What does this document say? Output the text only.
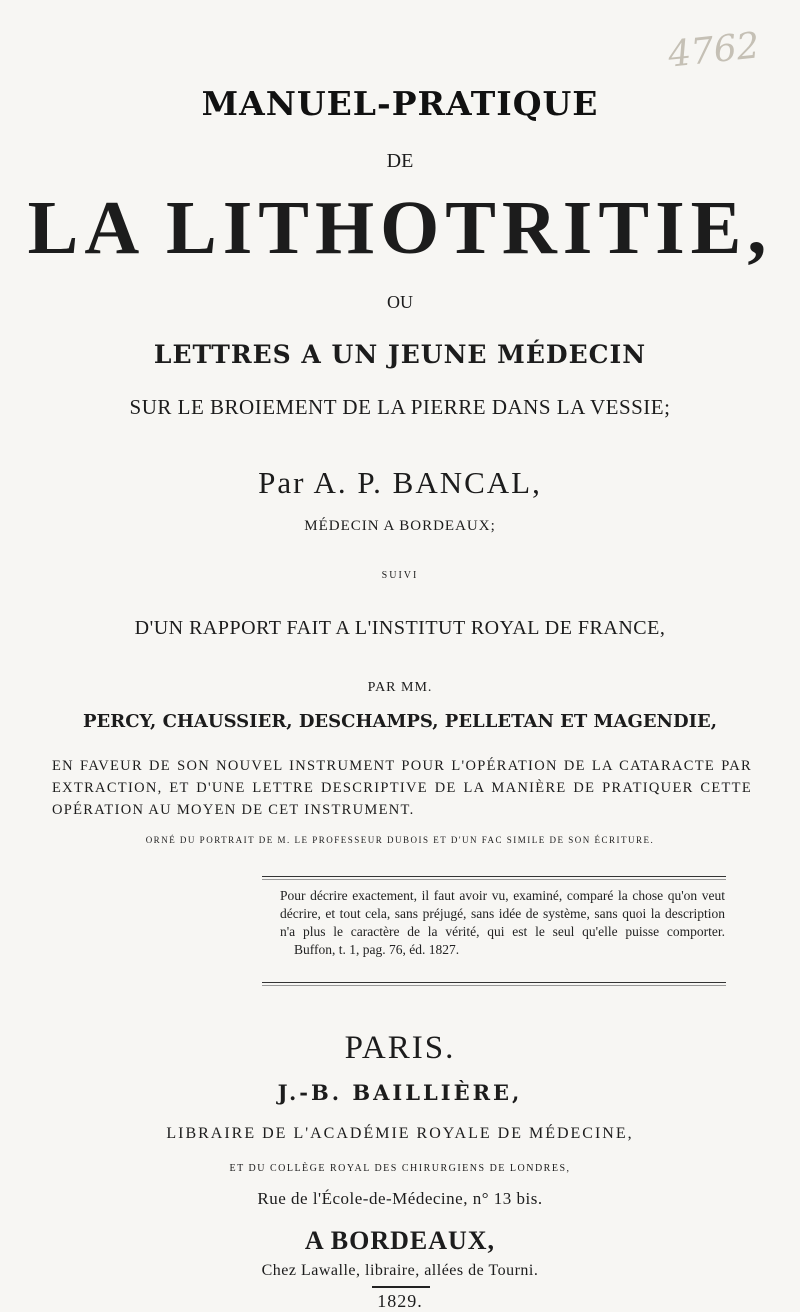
4762
MANUEL-PRATIQUE
DE
LA LITHOTRITIE,
OU
LETTRES A UN JEUNE MÉDECIN
SUR LE BROIEMENT DE LA PIERRE DANS LA VESSIE;
Par A. P. BANCAL,
MÉDECIN A BORDEAUX;
SUIVI
D'UN RAPPORT FAIT A L'INSTITUT ROYAL DE FRANCE,
PAR MM.
PERCY, CHAUSSIER, DESCHAMPS, PELLETAN ET MAGENDIE,
EN FAVEUR DE SON NOUVEL INSTRUMENT POUR L'OPÉRATION DE LA CATARACTE PAR EXTRACTION, ET D'UNE LETTRE DESCRIPTIVE DE LA MANIÈRE DE PRATIQUER CETTE OPÉRATION AU MOYEN DE CET INSTRUMENT.
ORNÉ DU PORTRAIT DE M. LE PROFESSEUR DUBOIS ET D'UN FAC SIMILE DE SON ÉCRITURE.
Pour décrire exactement, il faut avoir vu, examiné, comparé la chose qu'on veut décrire, et tout cela, sans préjugé, sans idée de système, sans quoi la description n'a plus le caractère de la vérité, qui est le seul qu'elle puisse comporter. Buffon, t. 1, pag. 76, éd. 1827.
PARIS.
J.-B. BAILLIÈRE,
LIBRAIRE DE L'ACADÉMIE ROYALE DE MÉDECINE,
ET DU COLLÈGE ROYAL DES CHIRURGIENS DE LONDRES,
Rue de l'École-de-Médecine, n° 13 bis.
A BORDEAUX,
Chez Lawalle, libraire, allées de Tourni.
1829.
